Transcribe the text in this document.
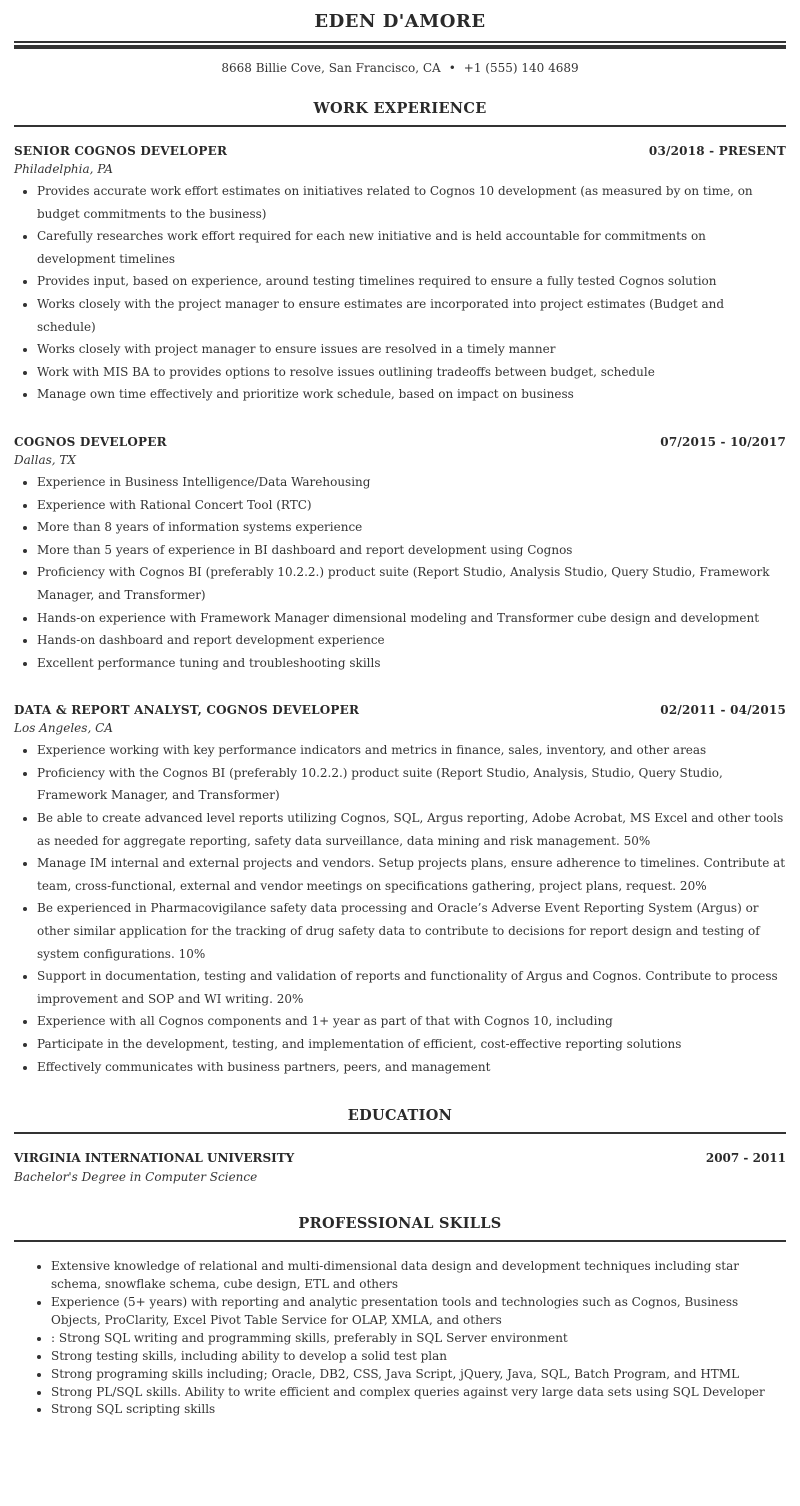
EDEN D'AMORE
8668 Billie Cove, San Francisco, CA • +1 (555) 140 4689
WORK EXPERIENCE
SENIOR COGNOS DEVELOPER	03/2018 - PRESENT
Philadelphia, PA
• Provides accurate work effort estimates on initiatives related to Cognos 10 development (as measured by on time, on budget commitments to the business)
• Carefully researches work effort required for each new initiative and is held accountable for commitments on development timelines
• Provides input, based on experience, around testing timelines required to ensure a fully tested Cognos solution
• Works closely with the project manager to ensure estimates are incorporated into project estimates (Budget and schedule)
• Works closely with project manager to ensure issues are resolved in a timely manner
• Work with MIS BA to provides options to resolve issues outlining tradeoffs between budget, schedule
• Manage own time effectively and prioritize work schedule, based on impact on business
COGNOS DEVELOPER	07/2015 - 10/2017
Dallas, TX
• Experience in Business Intelligence/Data Warehousing
• Experience with Rational Concert Tool (RTC)
• More than 8 years of information systems experience
• More than 5 years of experience in BI dashboard and report development using Cognos
• Proficiency with Cognos BI (preferably 10.2.2.) product suite (Report Studio, Analysis Studio, Query Studio, Framework Manager, and Transformer)
• Hands-on experience with Framework Manager dimensional modeling and Transformer cube design and development
• Hands-on dashboard and report development experience
• Excellent performance tuning and troubleshooting skills
DATA & REPORT ANALYST, COGNOS DEVELOPER	02/2011 - 04/2015
Los Angeles, CA
• Experience working with key performance indicators and metrics in finance, sales, inventory, and other areas
• Proficiency with the Cognos BI (preferably 10.2.2.) product suite (Report Studio, Analysis, Studio, Query Studio, Framework Manager, and Transformer)
• Be able to create advanced level reports utilizing Cognos, SQL, Argus reporting, Adobe Acrobat, MS Excel and other tools as needed for aggregate reporting, safety data surveillance, data mining and risk management. 50%
• Manage IM internal and external projects and vendors. Setup projects plans, ensure adherence to timelines. Contribute at team, cross-functional, external and vendor meetings on specifications gathering, project plans, request. 20%
• Be experienced in Pharmacovigilance safety data processing and Oracle’s Adverse Event Reporting System (Argus) or other similar application for the tracking of drug safety data to contribute to decisions for report design and testing of system configurations. 10%
• Support in documentation, testing and validation of reports and functionality of Argus and Cognos. Contribute to process improvement and SOP and WI writing. 20%
• Experience with all Cognos components and 1+ year as part of that with Cognos 10, including
• Participate in the development, testing, and implementation of efficient, cost-effective reporting solutions
• Effectively communicates with business partners, peers, and management
EDUCATION
VIRGINIA INTERNATIONAL UNIVERSITY	2007 - 2011
Bachelor's Degree in Computer Science
PROFESSIONAL SKILLS
• Extensive knowledge of relational and multi-dimensional data design and development techniques including star schema, snowflake schema, cube design, ETL and others
• Experience (5+ years) with reporting and analytic presentation tools and technologies such as Cognos, Business Objects, ProClarity, Excel Pivot Table Service for OLAP, XMLA, and others
• : Strong SQL writing and programming skills, preferably in SQL Server environment
• Strong testing skills, including ability to develop a solid test plan
• Strong programing skills including; Oracle, DB2, CSS, Java Script, jQuery, Java, SQL, Batch Program, and HTML
• Strong PL/SQL skills. Ability to write efficient and complex queries against very large data sets using SQL Developer
• Strong SQL scripting skills
